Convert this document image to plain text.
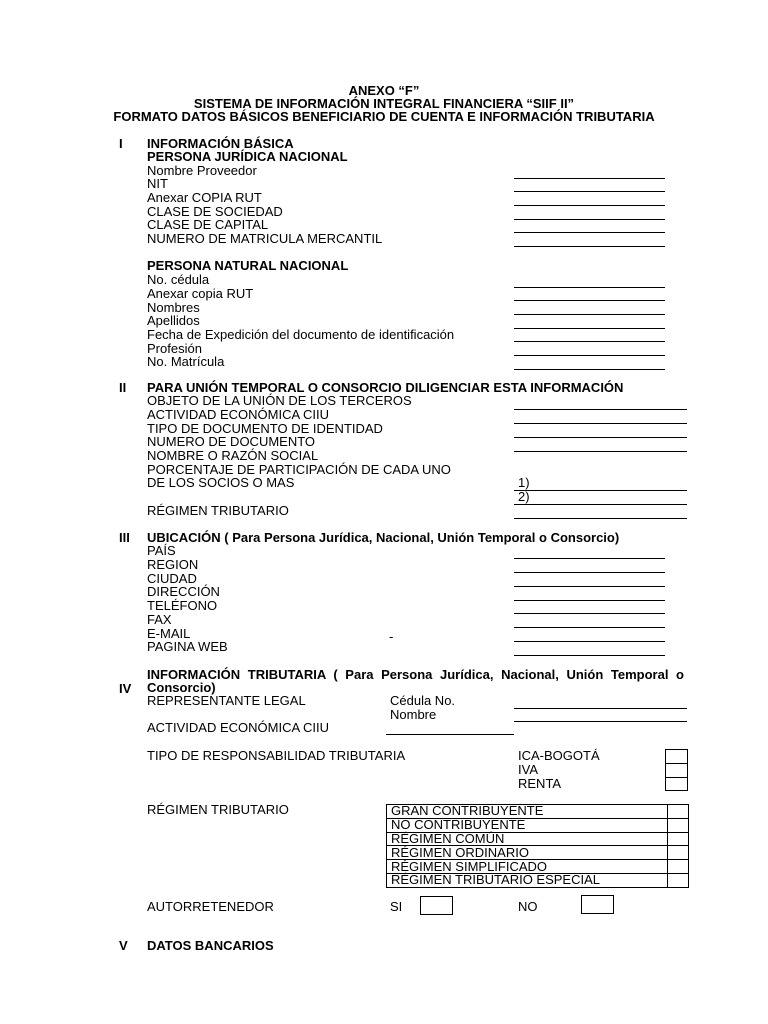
ANEXO “F”
SISTEMA DE INFORMACIÓN INTEGRAL FINANCIERA “SIIF II”
FORMATO DATOS BÁSICOS BENEFICIARIO DE CUENTA E INFORMACIÓN TRIBUTARIA
I INFORMACIÓN BÁSICA
PERSONA JURÍDICA NACIONAL
Nombre Proveedor
NIT
Anexar COPIA RUT
CLASE DE SOCIEDAD
CLASE DE CAPITAL
NUMERO DE MATRICULA MERCANTIL
PERSONA NATURAL NACIONAL
No. cédula
Anexar copia RUT
Nombres
Apellidos
Fecha de Expedición del documento de identificación
Profesión
No. Matrícula
II PARA UNIÓN TEMPORAL O CONSORCIO DILIGENCIAR ESTA INFORMACIÓN
OBJETO DE LA UNIÓN DE LOS TERCEROS
ACTIVIDAD ECONÓMICA CIIU
TIPO DE DOCUMENTO DE IDENTIDAD
NUMERO DE DOCUMENTO
NOMBRE O RAZÓN SOCIAL
PORCENTAJE DE PARTICIPACIÓN DE CADA UNO
DE LOS SOCIOS O MAS	1)
2)
RÉGIMEN TRIBUTARIO
III UBICACIÓN ( Para Persona Jurídica, Nacional, Unión Temporal o Consorcio)
PAÍS
REGION
CIUDAD
DIRECCIÓN
TELÉFONO
FAX
E-MAIL
PAGINA WEB
-
IV
INFORMACIÓN TRIBUTARIA ( Para Persona Jurídica, Nacional, Unión Temporal o
Consorcio)
REPRESENTANTE LEGAL	Cédula No.
Nombre
ACTIVIDAD ECONÓMICA CIIU
TIPO DE RESPONSABILIDAD TRIBUTARIA	ICA-BOGOTÁ
IVA
RENTA
RÉGIMEN TRIBUTARIO	GRAN CONTRIBUYENTE	
NO CONTRIBUYENTE	
RÉGIMEN COMÚN	
RÉGIMEN ORDINARIO	
RÉGIMEN SIMPLIFICADO	
RÉGIMEN TRIBUTARIO ESPECIAL	
AUTORRETENEDOR	SI	NO
V DATOS BANCARIOS
